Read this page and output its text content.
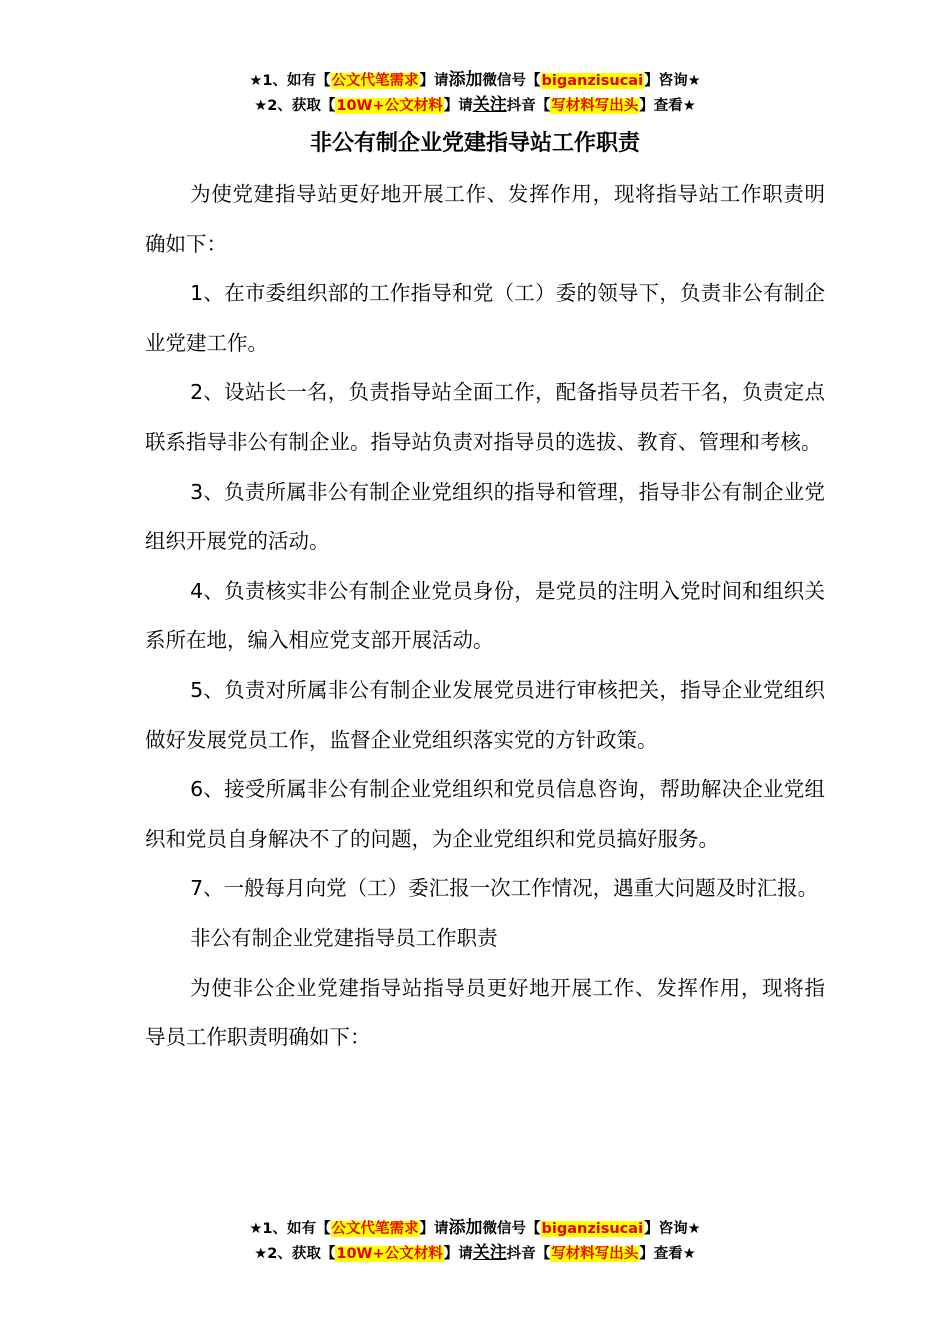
★1、如有【公文代笔需求】请添加微信号【biganzisucai】咨询★
★2、获取【10W+公文材料】请关注抖音【写材料写出头】查看★
非公有制企业党建指导站工作职责

为使党建指导站更好地开展工作、发挥作用，现将指导站工作职责明确如下：

1、在市委组织部的工作指导和党（工）委的领导下，负责非公有制企业党建工作。

2、设站长一名，负责指导站全面工作，配备指导员若干名，负责定点联系指导非公有制企业。指导站负责对指导员的选拔、教育、管理和考核。

3、负责所属非公有制企业党组织的指导和管理，指导非公有制企业党组织开展党的活动。

4、负责核实非公有制企业党员身份，是党员的注明入党时间和组织关系所在地，编入相应党支部开展活动。

5、负责对所属非公有制企业发展党员进行审核把关，指导企业党组织做好发展党员工作，监督企业党组织落实党的方针政策。

6、接受所属非公有制企业党组织和党员信息咨询，帮助解决企业党组织和党员自身解决不了的问题，为企业党组织和党员搞好服务。

7、一般每月向党（工）委汇报一次工作情况，遇重大问题及时汇报。

非公有制企业党建指导员工作职责

为使非公企业党建指导站指导员更好地开展工作、发挥作用，现将指导员工作职责明确如下：

★1、如有【公文代笔需求】请添加微信号【biganzisucai】咨询★
★2、获取【10W+公文材料】请关注抖音【写材料写出头】查看★
